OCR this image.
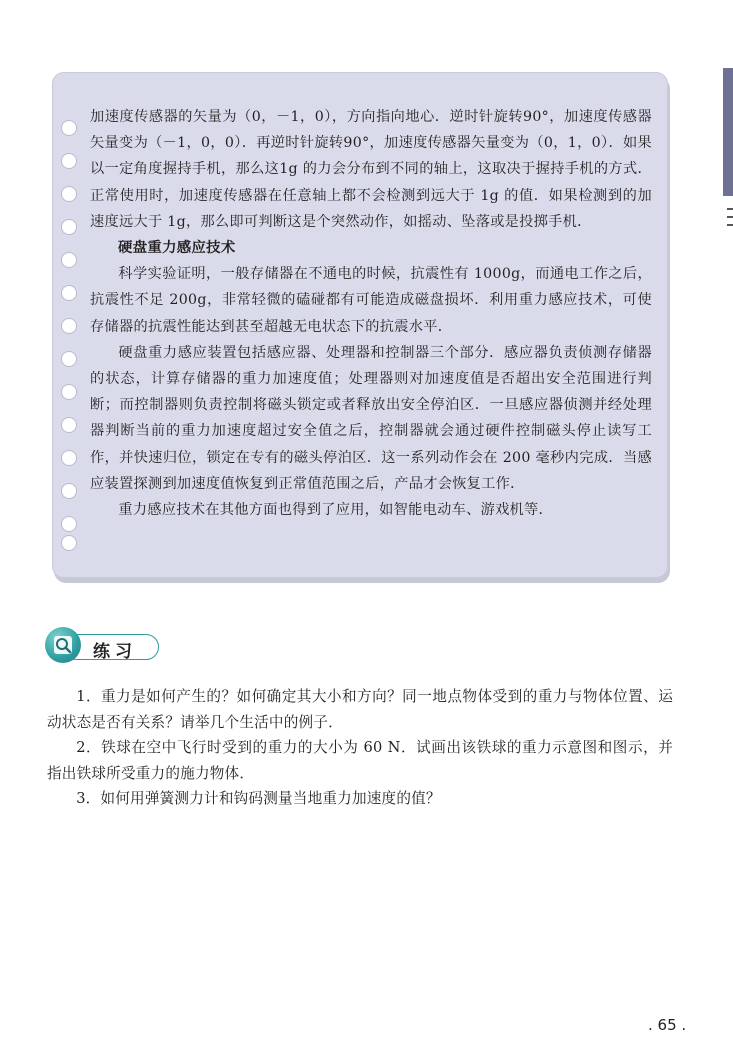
加速度传感器的矢量为（0，－1，0），方向指向地心．逆时针旋转90°，加速度传感器矢量变为（－1，0，0）．再逆时针旋转90°，加速度传感器矢量变为（0，1，0）．如果以一定角度握持手机，那么这1g 的力会分布到不同的轴上，这取决于握持手机的方式．正常使用时，加速度传感器在任意轴上都不会检测到远大于 1g 的值．如果检测到的加速度远大于 1g，那么即可判断这是个突然动作，如摇动、坠落或是投掷手机．

硬盘重力感应技术

科学实验证明，一般存储器在不通电的时候，抗震性有 1000g，而通电工作之后，抗震性不足 200g，非常轻微的磕碰都有可能造成磁盘损坏．利用重力感应技术，可使存储器的抗震性能达到甚至超越无电状态下的抗震水平．

硬盘重力感应装置包括感应器、处理器和控制器三个部分．感应器负责侦测存储器的状态，计算存储器的重力加速度值；处理器则对加速度值是否超出安全范围进行判断；而控制器则负责控制将磁头锁定或者释放出安全停泊区．一旦感应器侦测并经处理器判断当前的重力加速度超过安全值之后，控制器就会通过硬件控制磁头停止读写工作，并快速归位，锁定在专有的磁头停泊区．这一系列动作会在 200 毫秒内完成．当感应装置探测到加速度值恢复到正常值范围之后，产品才会恢复工作．

重力感应技术在其他方面也得到了应用，如智能电动车、游戏机等．

练习

1．重力是如何产生的？如何确定其大小和方向？同一地点物体受到的重力与物体位置、运动状态是否有关系？请举几个生活中的例子．

2．铁球在空中飞行时受到的重力的大小为 60 N．试画出该铁球的重力示意图和图示，并指出铁球所受重力的施力物体．

3．如何用弹簧测力计和钩码测量当地重力加速度的值？

. 65 .
